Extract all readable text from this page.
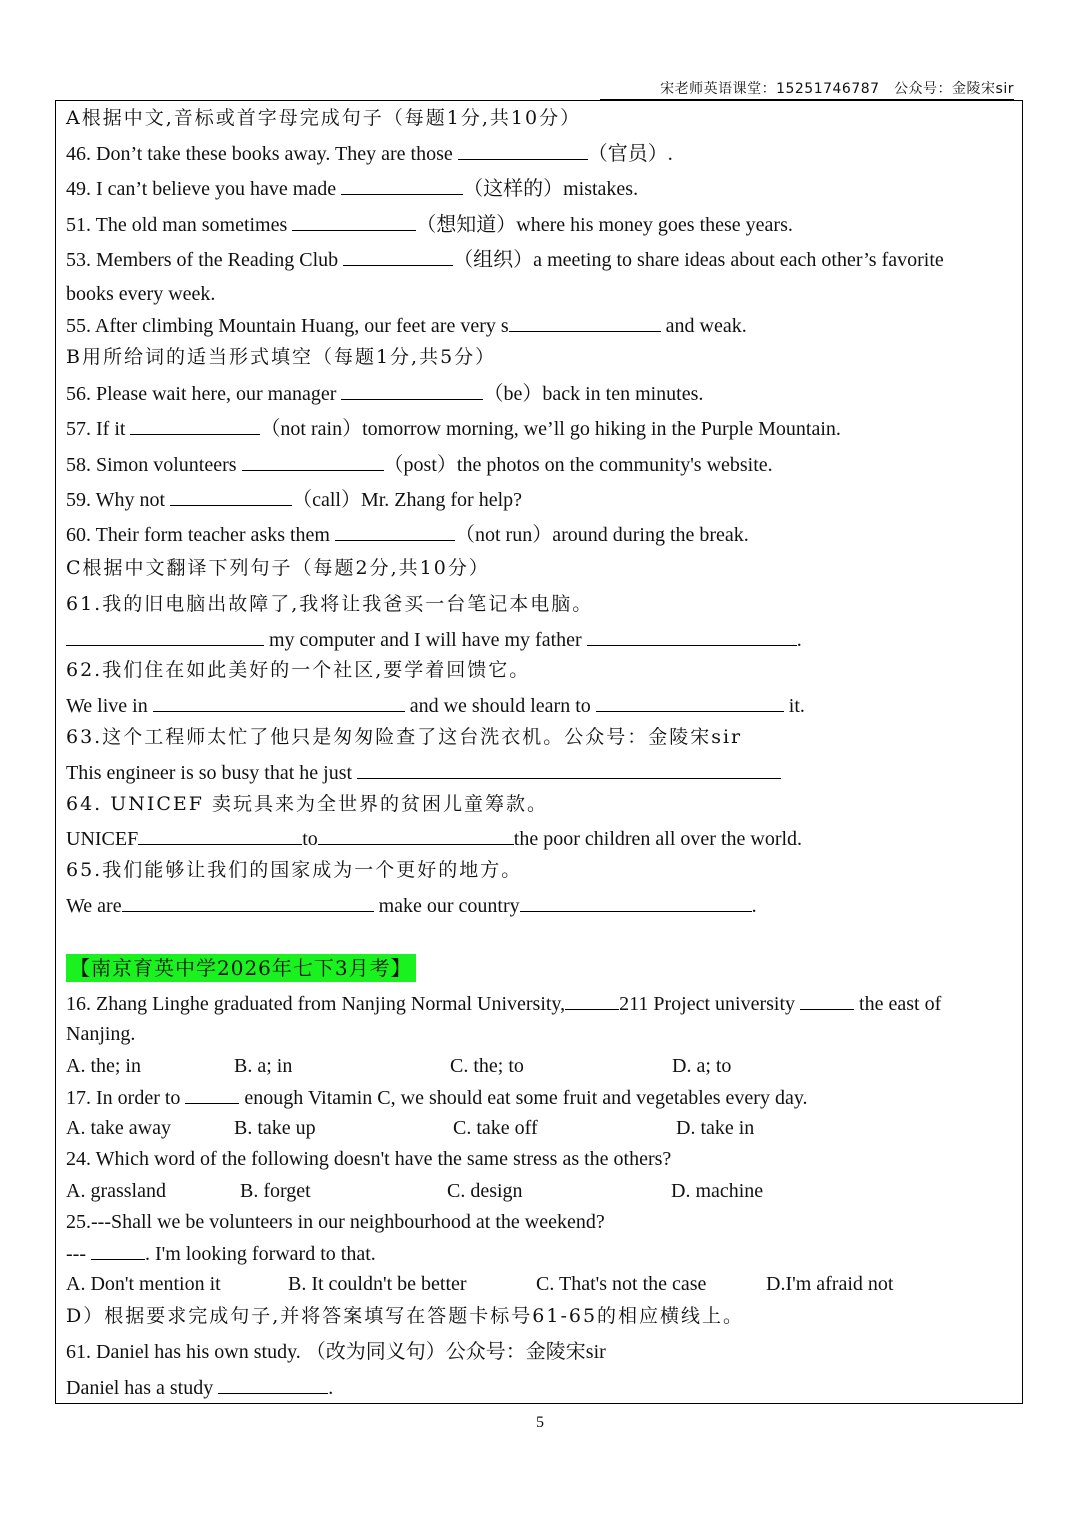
宋老师英语课堂：15251746787　公众号：金陵宋sir
A根据中文,音标或首字母完成句子（每题1分,共10分）
46. Don’t take these books away. They are those	（官员）.
49. I can’t believe you have made	（这样的）mistakes.
51. The old man sometimes	（想知道）where his money goes these years.
53. Members of the Reading Club	（组织）a meeting to share ideas about each other’s favorite
books every week.
55. After climbing Mountain Huang, our feet are very s	and weak.
B用所给词的适当形式填空（每题1分,共5分）
56. Please wait here, our manager	（be）back in ten minutes.
57. If it	（not rain）tomorrow morning, we’ll go hiking in the Purple Mountain.
58. Simon volunteers	（post）the photos on the community's website.
59. Why not	（call）Mr. Zhang for help?
60. Their form teacher asks them	（not run）around during the break.
C根据中文翻译下列句子（每题2分,共10分）
61.我的旧电脑出故障了,我将让我爸买一台笔记本电脑。
my computer and I will have my father	.
62.我们住在如此美好的一个社区,要学着回馈它。
We live in	and we should learn to	it.
63.这个工程师太忙了他只是匆匆险查了这台洗衣机。公众号：金陵宋sir
This engineer is so busy that he just
64. UNICEF 卖玩具来为全世界的贫困儿童筹款。
UNICEF	to	the poor children all over the world.
65.我们能够让我们的国家成为一个更好的地方。
We are	make our country	.
【南京育英中学2026年七下3月考】
16. Zhang Linghe graduated from Nanjing Normal University,	211 Project university	the east of
Nanjing.
A. the; in	B. a; in	C. the; to	D. a; to
17. In order to	enough Vitamin C, we should eat some fruit and vegetables every day.
A. take away	B. take up	C. take off	D. take in
24. Which word of the following doesn't have the same stress as the others?
A. grassland	B. forget	C. design	D. machine
25.---Shall we be volunteers in our neighbourhood at the weekend?
---	. I'm looking forward to that.
A. Don't mention it	B. It couldn't be better	C. That's not the case	D.I'm afraid not
D）根据要求完成句子,并将答案填写在答题卡标号61-65的相应横线上。
61. Daniel has his own study. （改为同义句）公众号：金陵宋sir
Daniel has a study	.
5
